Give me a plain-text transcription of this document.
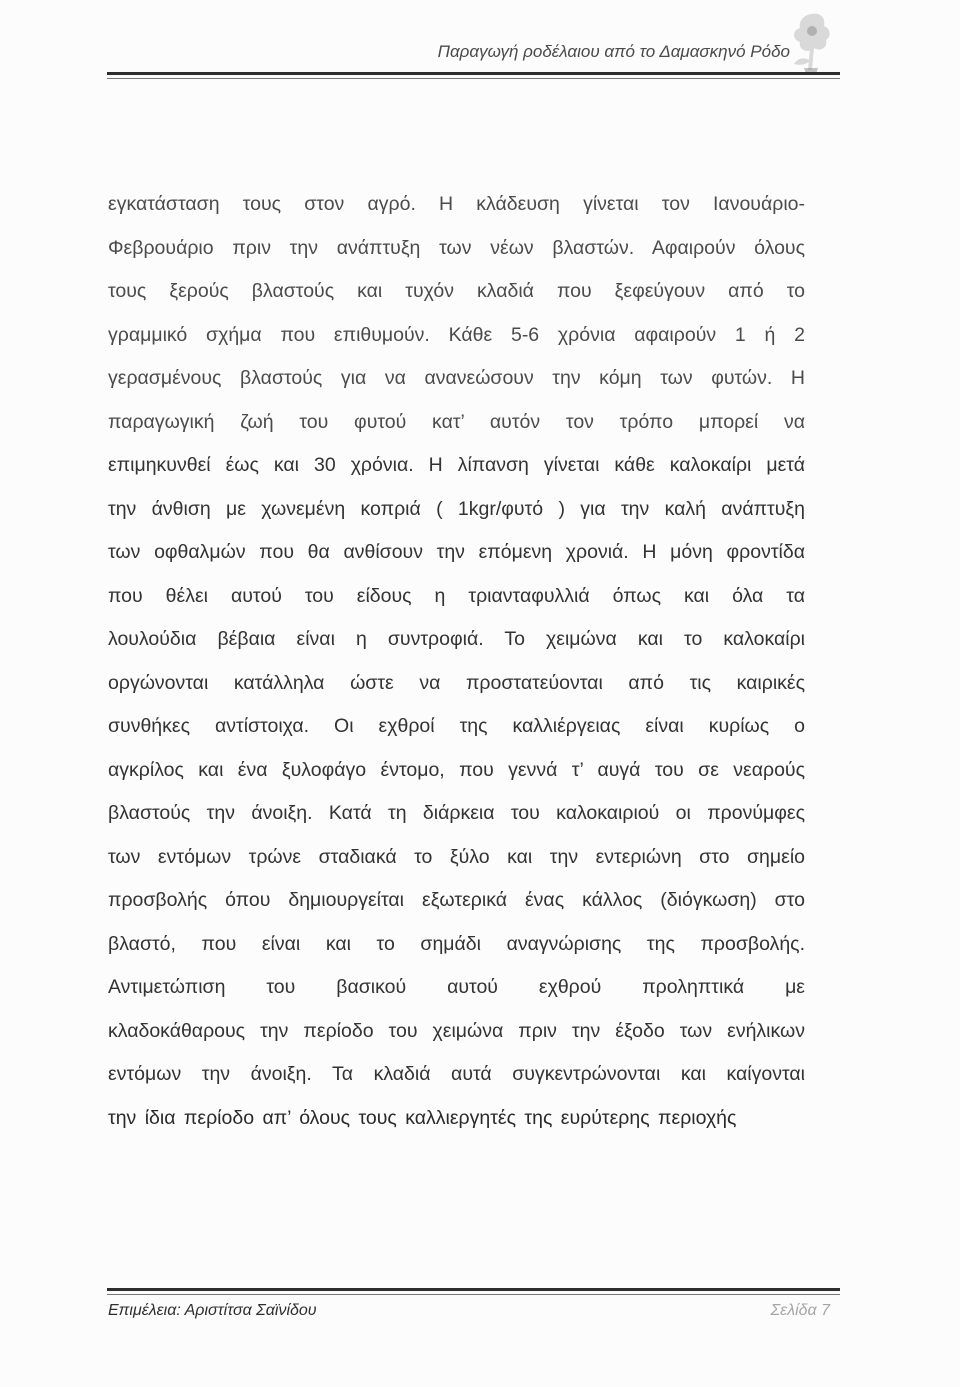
Παραγωγή ροδέλαιου από το Δαμασκηνό Ρόδο
εγκατάσταση τους στον αγρό. Η κλάδευση γίνεται τον Ιανουάριο-
Φεβρουάριο πριν την ανάπτυξη των νέων βλαστών. Αφαιρούν όλους
τους ξερούς βλαστούς και τυχόν κλαδιά που ξεφεύγουν από το
γραμμικό σχήμα που επιθυμούν. Κάθε 5-6 χρόνια αφαιρούν 1 ή 2
γερασμένους βλαστούς για να ανανεώσουν την κόμη των φυτών. Η
παραγωγική ζωή του φυτού κατ’ αυτόν τον τρόπο μπορεί να
επιμηκυνθεί έως και 30 χρόνια. Η λίπανση γίνεται κάθε καλοκαίρι μετά
την άνθιση με χωνεμένη κοπριά ( 1kgr/φυτό ) για την καλή ανάπτυξη
των οφθαλμών που θα ανθίσουν την επόμενη χρονιά. Η μόνη φροντίδα
που θέλει αυτού του είδους η τριανταφυλλιά όπως και όλα τα
λουλούδια βέβαια είναι η συντροφιά. Το χειμώνα και το καλοκαίρι
οργώνονται κατάλληλα ώστε να προστατεύονται από τις καιρικές
συνθήκες αντίστοιχα. Οι εχθροί της καλλιέργειας είναι κυρίως ο
αγκρίλος και ένα ξυλοφάγο έντομο, που γεννά τ’ αυγά του σε νεαρούς
βλαστούς την άνοιξη. Κατά τη διάρκεια του καλοκαιριού οι προνύμφες
των εντόμων τρώνε σταδιακά το ξύλο και την εντεριώνη στο σημείο
προσβολής όπου δημιουργείται εξωτερικά ένας κάλλος (διόγκωση) στο
βλαστό, που είναι και το σημάδι αναγνώρισης της προσβολής.
Αντιμετώπιση του βασικού αυτού εχθρού προληπτικά με
κλαδοκάθαρους την περίοδο του χειμώνα πριν την έξοδο των ενήλικων
εντόμων την άνοιξη. Τα κλαδιά αυτά συγκεντρώνονται και καίγονται
την ίδια περίοδο απ’ όλους τους καλλιεργητές της ευρύτερης περιοχής
Επιμέλεια: Αριστίτσα Σαϊνίδου	Σελίδα 7
